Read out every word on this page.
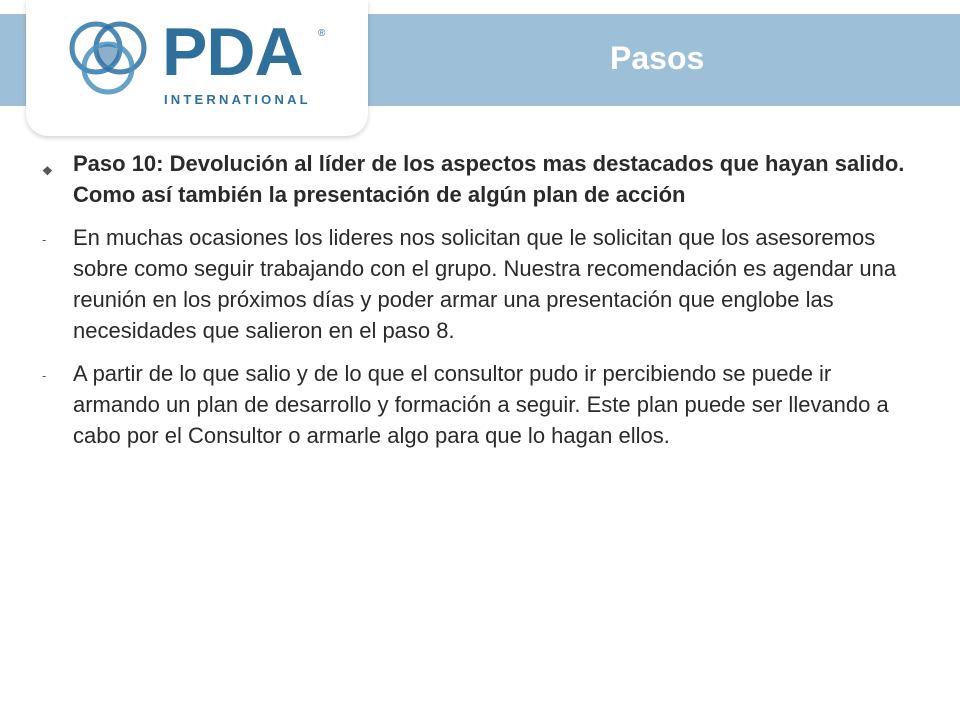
Pasos
PDA ®
INTERNATIONAL
❖ Paso 10: Devolución al líder de los aspectos mas destacados que hayan salido. Como así también la presentación de algún plan de acción
- En muchas ocasiones los lideres nos solicitan que le solicitan que los asesoremos sobre como seguir trabajando con el grupo. Nuestra recomendación es agendar una reunión en los próximos días y poder armar una presentación que englobe las necesidades que salieron en el paso 8.
- A partir de lo que salio y de lo que el consultor pudo ir percibiendo se puede ir armando un plan de desarrollo y formación a seguir. Este plan puede ser llevando a cabo por el Consultor o armarle algo para que lo hagan ellos.
